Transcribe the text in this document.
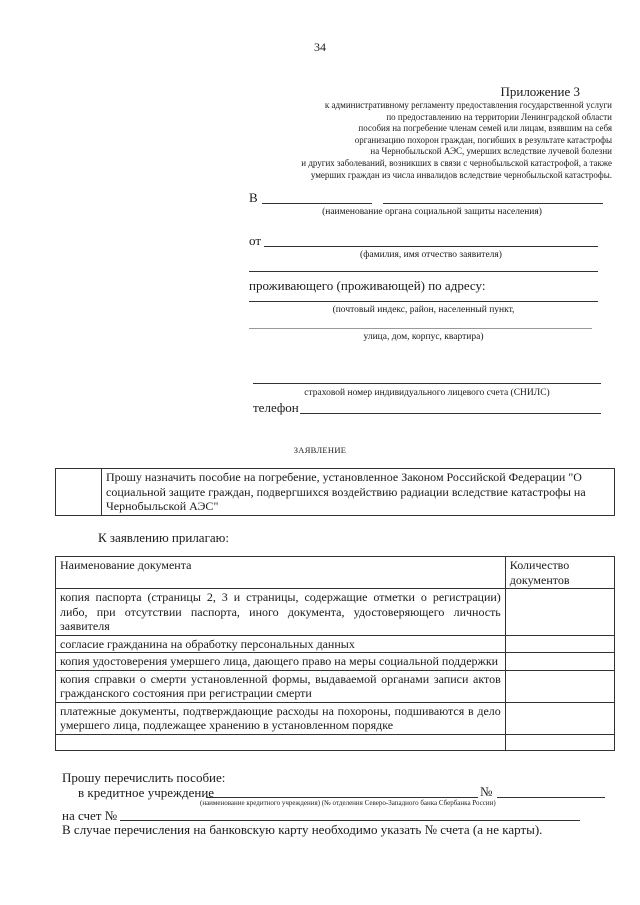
34
Приложение 3
к административному регламенту предоставления государственной услуги
по предоставлению на территории Ленинградской области
пособия на погребение членам семей или лицам, взявшим на себя
организацию похорон граждан, погибших в результате катастрофы
на Чернобыльской АЭС, умерших вследствие лучевой болезни
и других заболеваний, возникших в связи с чернобыльской катастрофой, а также
умерших граждан из числа инвалидов вследствие чернобыльской катастрофы.
В
(наименование органа социальной защиты населения)
от
(фамилия, имя отчество заявителя)
проживающего (проживающей) по адресу:
(почтовый индекс, район, населенный пункт,
улица, дом, корпус, квартира)
страховой номер индивидуального лицевого счета (СНИЛС)
телефон
ЗАЯВЛЕНИЕ
	Прошу назначить пособие на погребение, установленное Законом Российской Федерации "О социальной защите граждан, подвергшихся воздействию радиации вследствие катастрофы на Чернобыльской АЭС"
К заявлению прилагаю:
Наименование документа	Количество документов
копия паспорта (страницы 2, 3 и страницы, содержащие отметки о регистрации) либо, при отсутствии паспорта, иного документа, удостоверяющего личность заявителя	
согласие гражданина на обработку персональных данных	
копия удостоверения умершего лица, дающего право на меры социальной поддержки	
копия справки о смерти установленной формы, выдаваемой органами записи актов гражданского состояния при регистрации смерти	
платежные документы, подтверждающие расходы на похороны, подшиваются в дело умершего лица, подлежащее хранению в установленном порядке	

Прошу перечислить пособие:
в кредитное учреждение	№
(наименование кредитного учреждения) (№ отделения Северо-Западного банка Сбербанка России)
на счет №
В случае перечисления на банковскую карту необходимо указать № счета (а не карты).
